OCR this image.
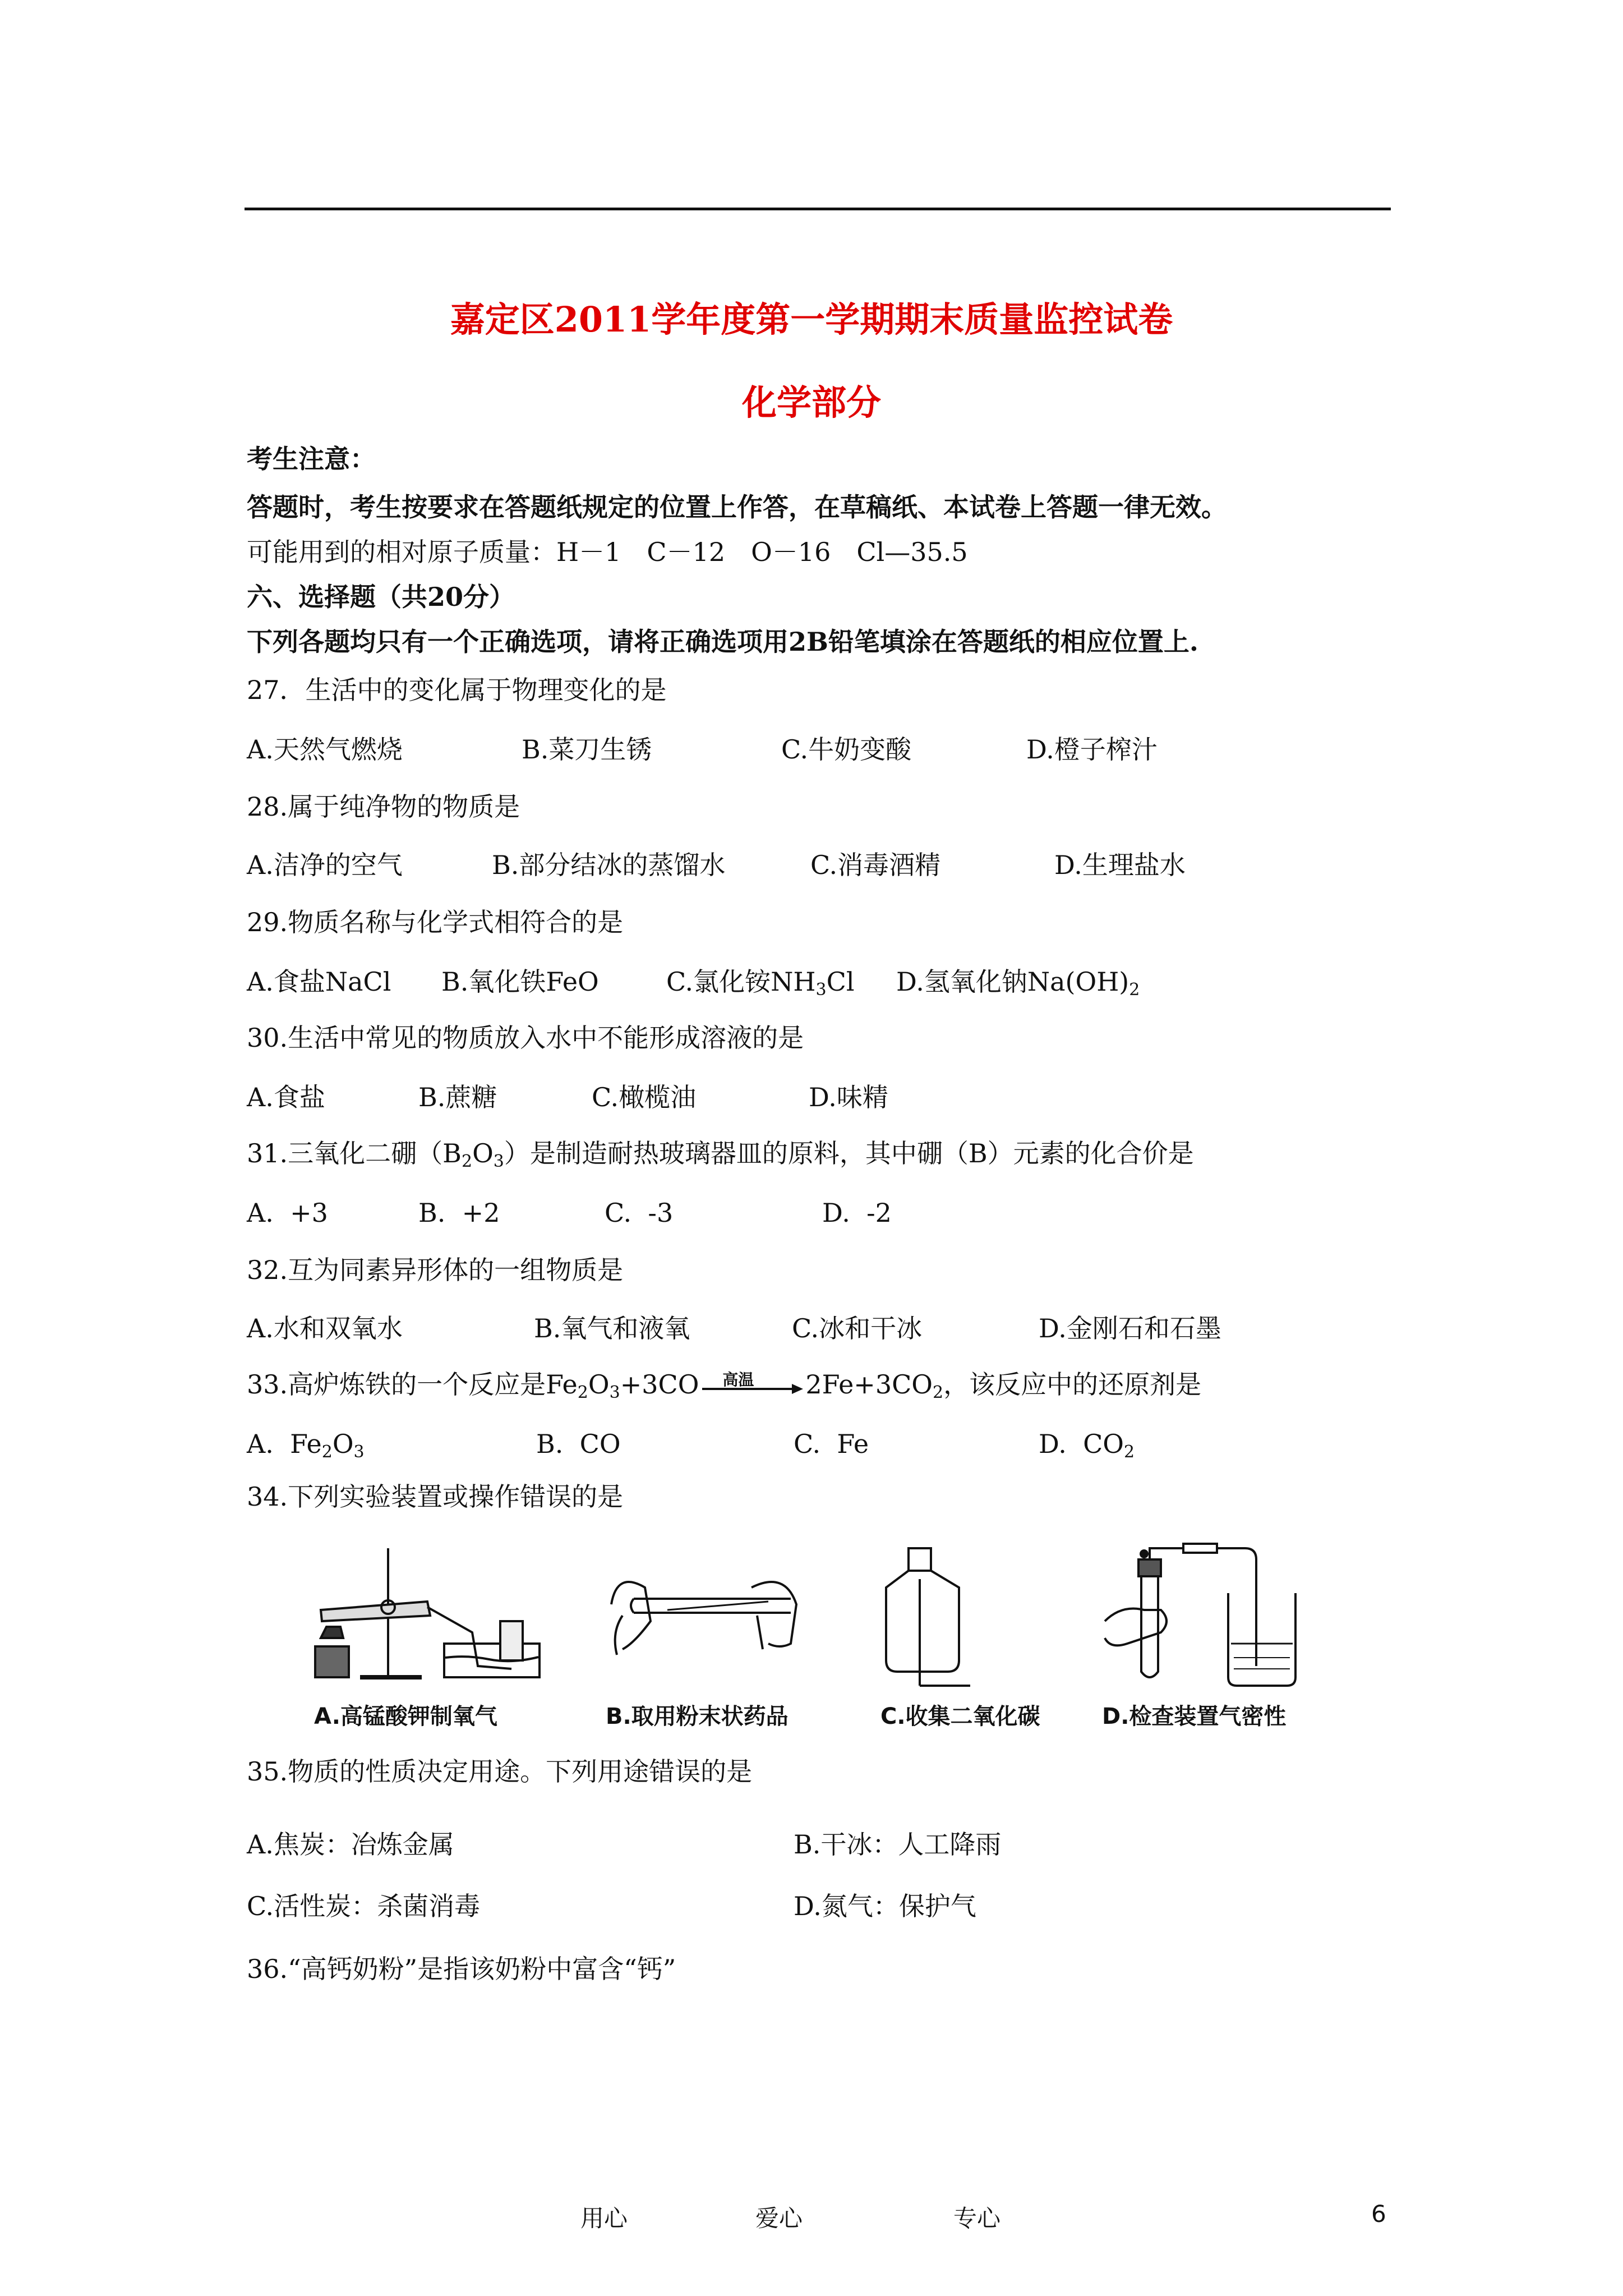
嘉定区2011学年度第一学期期末质量监控试卷
化学部分
考生注意：
答题时，考生按要求在答题纸规定的位置上作答，在草稿纸、本试卷上答题一律无效。
可能用到的相对原子质量：H－1　C－12　O－16　Cl—35.5
六、选择题（共20分）
下列各题均只有一个正确选项，请将正确选项用2B铅笔填涂在答题纸的相应位置上.
27．生活中的变化属于物理变化的是
A.天然气燃烧	B.菜刀生锈	C.牛奶变酸	D.橙子榨汁
28.属于纯净物的物质是
A.洁净的空气	B.部分结冰的蒸馏水	C.消毒酒精	D.生理盐水
29.物质名称与化学式相符合的是
A.食盐NaCl B.氧化铁FeO	C.氯化铵$NH_3Cl$ D.氢氧化钠$Na(OH)_2$
30.生活中常见的物质放入水中不能形成溶液的是
A.食盐	B.蔗糖	C.橄榄油	D.味精
31.三氧化二硼$(B_2O_3)$是制造耐热玻璃器皿的原料，其中硼（B）元素的化合价是
A.  +3	B.  +2	C.  -3	D.  -2
32.互为同素异形体的一组物质是
A.水和双氧水	B.氧气和液氧	C.冰和干冰	D.金刚石和石墨
33.高炉炼铁的一个反应是$Fe_2O_3+3CO$ 高温 $2Fe+3CO_2$，该反应中的还原剂是
A.  $Fe_2O_3$	B.  CO	C.  Fe	D.  $CO_2$
34.下列实验装置或操作错误的是
A.高锰酸钾制氧气	B.取用粉末状药品	C.收集二氧化碳	D.检查装置气密性
35.物质的性质决定用途。下列用途错误的是
A.焦炭：冶炼金属	B.干冰：人工降雨
C.活性炭：杀菌消毒	D.氮气：保护气
36.“高钙奶粉”是指该奶粉中富含“钙”
用心	爱心	专心	6
